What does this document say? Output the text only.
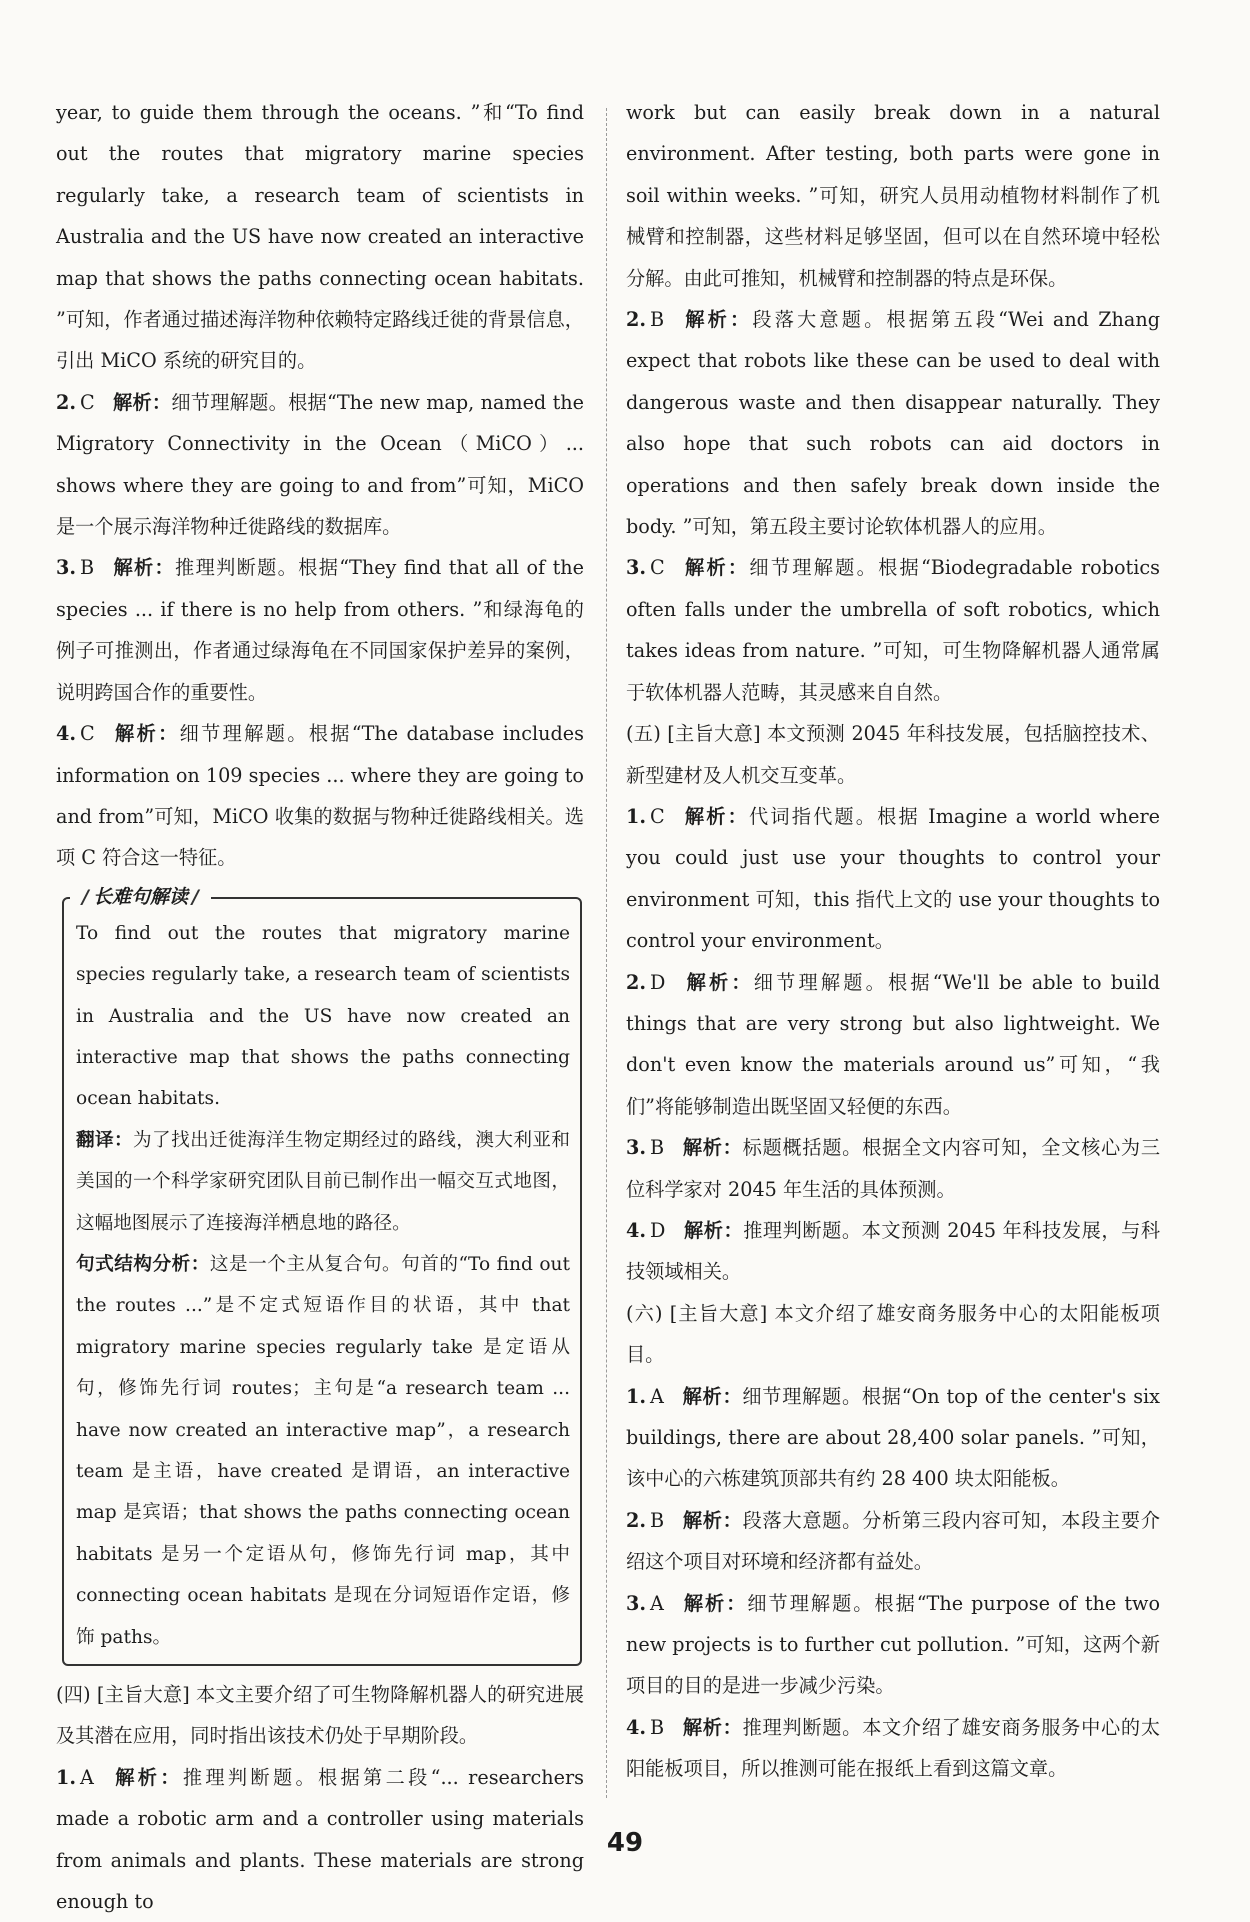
year, to guide them through the oceans. ”和“To find out the routes that migratory marine species regularly take, a research team of scientists in Australia and the US have now created an interactive map that shows the paths connecting ocean habitats. ”可知，作者通过描述海洋物种依赖特定路线迁徙的背景信息，引出 MiCO 系统的研究目的。

2. C 解析：细节理解题。根据“The new map, named the Migratory Connectivity in the Ocean（MiCO）... shows where they are going to and from”可知，MiCO 是一个展示海洋物种迁徙路线的数据库。

3. B 解析：推理判断题。根据“They find that all of the species ... if there is no help from others. ”和绿海龟的例子可推测出，作者通过绿海龟在不同国家保护差异的案例，说明跨国合作的重要性。

4. C 解析：细节理解题。根据“The database includes information on 109 species ... where they are going to and from”可知，MiCO 收集的数据与物种迁徙路线相关。选项 C 符合这一特征。

/ 长难句解读 /

To find out the routes that migratory marine species regularly take, a research team of scientists in Australia and the US have now created an interactive map that shows the paths connecting ocean habitats.

翻译：为了找出迁徙海洋生物定期经过的路线，澳大利亚和美国的一个科学家研究团队目前已制作出一幅交互式地图，这幅地图展示了连接海洋栖息地的路径。

句式结构分析：这是一个主从复合句。句首的“To find out the routes ...”是不定式短语作目的状语，其中 that migratory marine species regularly take 是定语从句，修饰先行词 routes；主句是“a research team ... have now created an interactive map”，a research team 是主语，have created 是谓语，an interactive map 是宾语；that shows the paths connecting ocean habitats 是另一个定语从句，修饰先行词 map，其中 connecting ocean habitats 是现在分词短语作定语，修饰 paths。

(四) [主旨大意] 本文主要介绍了可生物降解机器人的研究进展及其潜在应用，同时指出该技术仍处于早期阶段。

1. A 解析：推理判断题。根据第二段“... researchers made a robotic arm and a controller using materials from animals and plants. These materials are strong enough to

work but can easily break down in a natural environment. After testing, both parts were gone in soil within weeks. ”可知，研究人员用动植物材料制作了机械臂和控制器，这些材料足够坚固，但可以在自然环境中轻松分解。由此可推知，机械臂和控制器的特点是环保。

2. B 解析：段落大意题。根据第五段“Wei and Zhang expect that robots like these can be used to deal with dangerous waste and then disappear naturally. They also hope that such robots can aid doctors in operations and then safely break down inside the body. ”可知，第五段主要讨论软体机器人的应用。

3. C 解析：细节理解题。根据“Biodegradable robotics often falls under the umbrella of soft robotics, which takes ideas from nature. ”可知，可生物降解机器人通常属于软体机器人范畴，其灵感来自自然。

(五) [主旨大意] 本文预测 2045 年科技发展，包括脑控技术、新型建材及人机交互变革。

1. C 解析：代词指代题。根据 Imagine a world where you could just use your thoughts to control your environment 可知，this 指代上文的 use your thoughts to control your environment。

2. D 解析：细节理解题。根据“We'll be able to build things that are very strong but also lightweight. We don't even know the materials around us”可知，“我们”将能够制造出既坚固又轻便的东西。

3. B 解析：标题概括题。根据全文内容可知，全文核心为三位科学家对 2045 年生活的具体预测。

4. D 解析：推理判断题。本文预测 2045 年科技发展，与科技领域相关。

(六) [主旨大意] 本文介绍了雄安商务服务中心的太阳能板项目。

1. A 解析：细节理解题。根据“On top of the center's six buildings, there are about 28,400 solar panels. ”可知，该中心的六栋建筑顶部共有约 28 400 块太阳能板。

2. B 解析：段落大意题。分析第三段内容可知，本段主要介绍这个项目对环境和经济都有益处。

3. A 解析：细节理解题。根据“The purpose of the two new projects is to further cut pollution. ”可知，这两个新项目的目的是进一步减少污染。

4. B 解析：推理判断题。本文介绍了雄安商务服务中心的太阳能板项目，所以推测可能在报纸上看到这篇文章。

49
